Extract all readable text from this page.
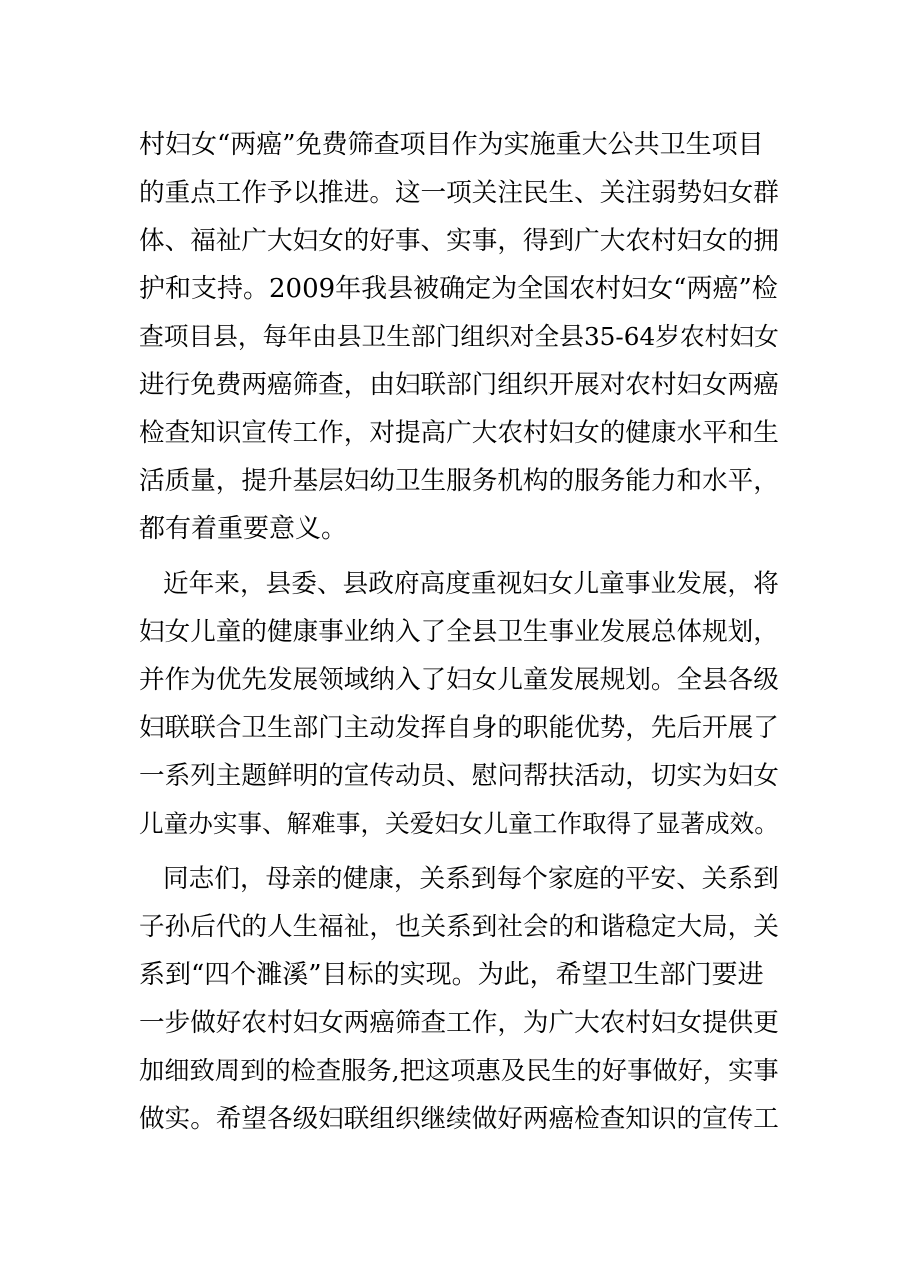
村妇女“两癌”免费筛查项目作为实施重大公共卫生项目
的重点工作予以推进。这一项关注民生、关注弱势妇女群
体、福祉广大妇女的好事、实事，得到广大农村妇女的拥
护和支持。2009年我县被确定为全国农村妇女“两癌”检
查项目县，每年由县卫生部门组织对全县35-64岁农村妇女
进行免费两癌筛查，由妇联部门组织开展对农村妇女两癌
检查知识宣传工作，对提高广大农村妇女的健康水平和生
活质量，提升基层妇幼卫生服务机构的服务能力和水平，
都有着重要意义。
近年来，县委、县政府高度重视妇女儿童事业发展，将
妇女儿童的健康事业纳入了全县卫生事业发展总体规划，
并作为优先发展领域纳入了妇女儿童发展规划。全县各级
妇联联合卫生部门主动发挥自身的职能优势，先后开展了
一系列主题鲜明的宣传动员、慰问帮扶活动，切实为妇女
儿童办实事、解难事，关爱妇女儿童工作取得了显著成效。
同志们，母亲的健康，关系到每个家庭的平安、关系到
子孙后代的人生福祉，也关系到社会的和谐稳定大局，关
系到“四个濉溪”目标的实现。为此，希望卫生部门要进
一步做好农村妇女两癌筛查工作，为广大农村妇女提供更
加细致周到的检查服务,把这项惠及民生的好事做好，实事
做实。希望各级妇联组织继续做好两癌检查知识的宣传工
